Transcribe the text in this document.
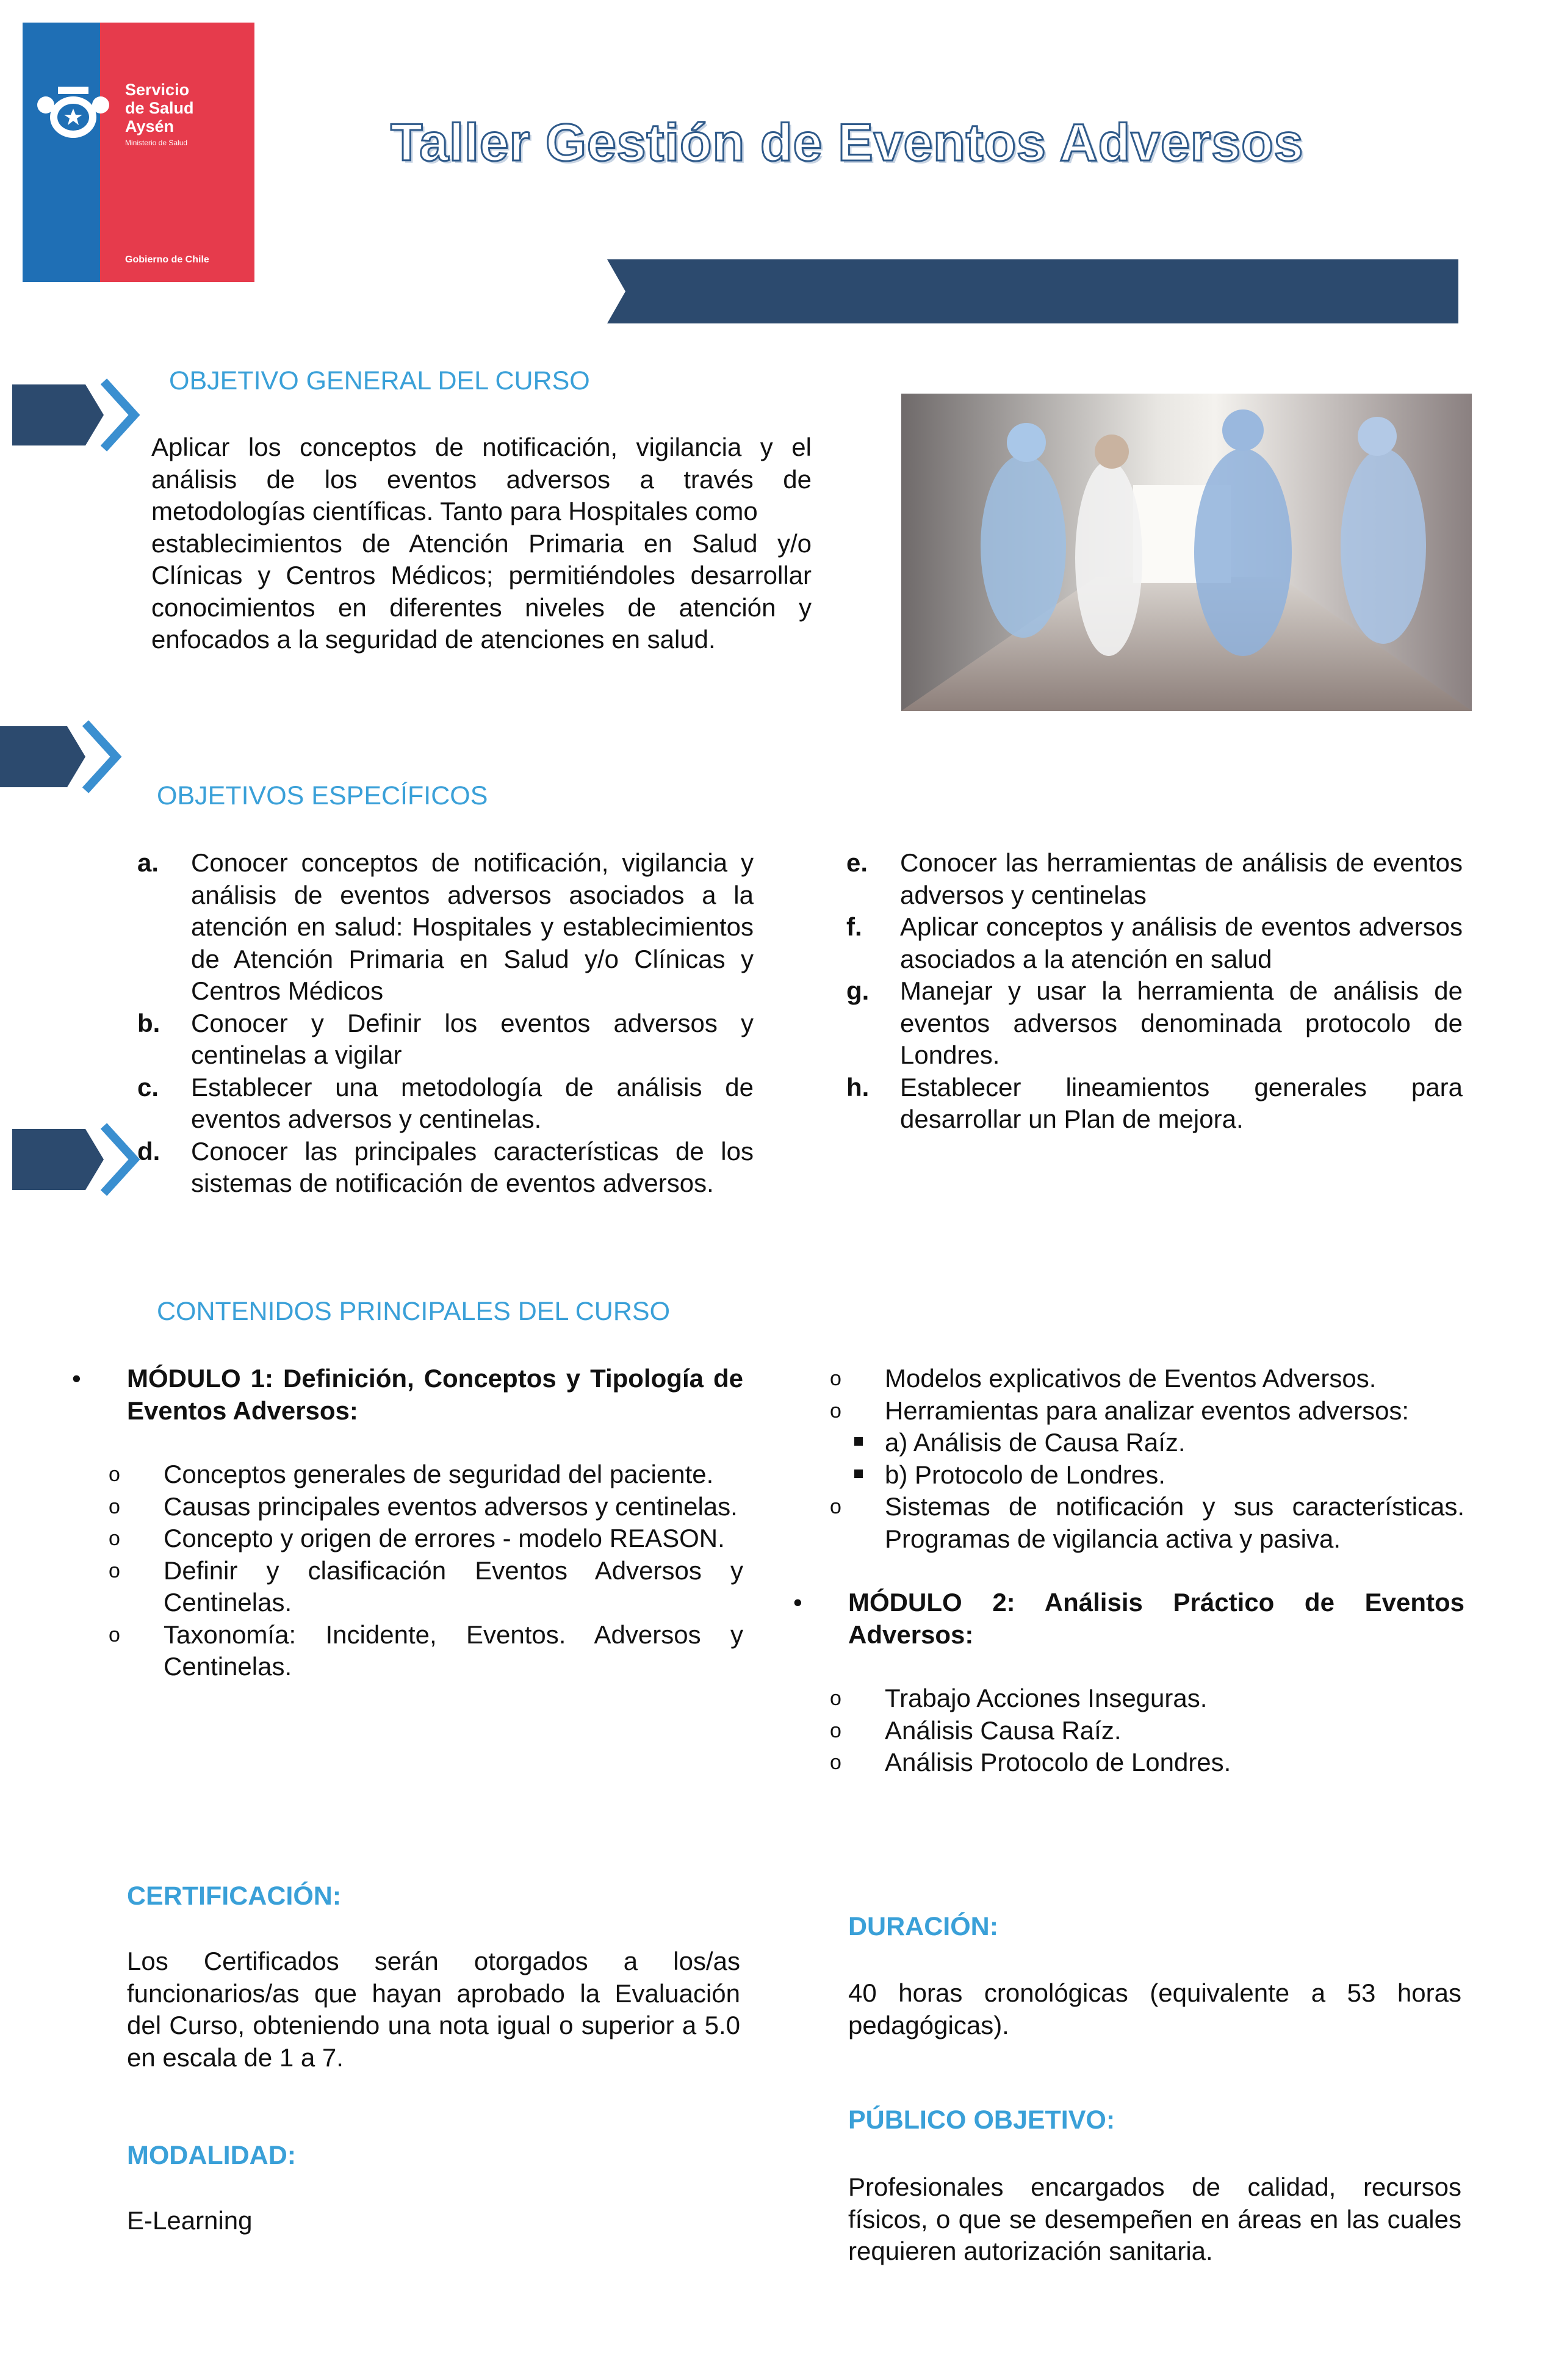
Servicio
de Salud
Aysén
Ministerio de Salud
Gobierno de Chile
Taller Gestión de Eventos Adversos
OBJETIVO GENERAL DEL CURSO
Aplicar los conceptos de notificación, vigilancia y el análisis de los eventos adversos a través de metodologías científicas. Tanto para Hospitales como
establecimientos de Atención Primaria en Salud y/o Clínicas y Centros Médicos; permitiéndoles desarrollar conocimientos en diferentes niveles de atención y enfocados a la seguridad de atenciones en salud.
OBJETIVOS ESPECÍFICOS
a. Conocer conceptos de notificación, vigilancia y análisis de eventos adversos asociados a la atención en salud: Hospitales y establecimientos de Atención Primaria en Salud y/o Clínicas y Centros Médicos
b. Conocer y Definir los eventos adversos y centinelas a vigilar
c. Establecer una metodología de análisis de eventos adversos y centinelas.
d. Conocer las principales características de los sistemas de notificación de eventos adversos.
e. Conocer las herramientas de análisis de eventos adversos y centinelas
f. Aplicar conceptos y análisis de eventos adversos asociados a la atención en salud
g. Manejar y usar la herramienta de análisis de eventos adversos denominada protocolo de Londres.
h. Establecer lineamientos generales para desarrollar un Plan de mejora.
CONTENIDOS PRINCIPALES DEL CURSO
• MÓDULO 1: Definición, Conceptos y Tipología de Eventos Adversos:
o Conceptos generales de seguridad del paciente.
o Causas principales eventos adversos y centinelas.
o Concepto y origen de errores - modelo REASON.
o Definir y clasificación Eventos Adversos y Centinelas.
o Taxonomía: Incidente, Eventos. Adversos y Centinelas.
o Modelos explicativos de Eventos Adversos.
o Herramientas para analizar eventos adversos:
a) Análisis de Causa Raíz.
b) Protocolo de Londres.
o Sistemas de notificación y sus características. Programas de vigilancia activa y pasiva.
• MÓDULO 2: Análisis Práctico de Eventos Adversos:
o Trabajo Acciones Inseguras.
o Análisis Causa Raíz.
o Análisis Protocolo de Londres.
CERTIFICACIÓN:
Los Certificados serán otorgados a los/as funcionarios/as que hayan aprobado la Evaluación del Curso, obteniendo una nota igual o superior a 5.0 en escala de 1 a 7.
MODALIDAD:
E-Learning
DURACIÓN:
40 horas cronológicas (equivalente a 53 horas pedagógicas).
PÚBLICO OBJETIVO:
Profesionales encargados de calidad, recursos físicos, o que se desempeñen en áreas en las cuales requieren autorización sanitaria.
